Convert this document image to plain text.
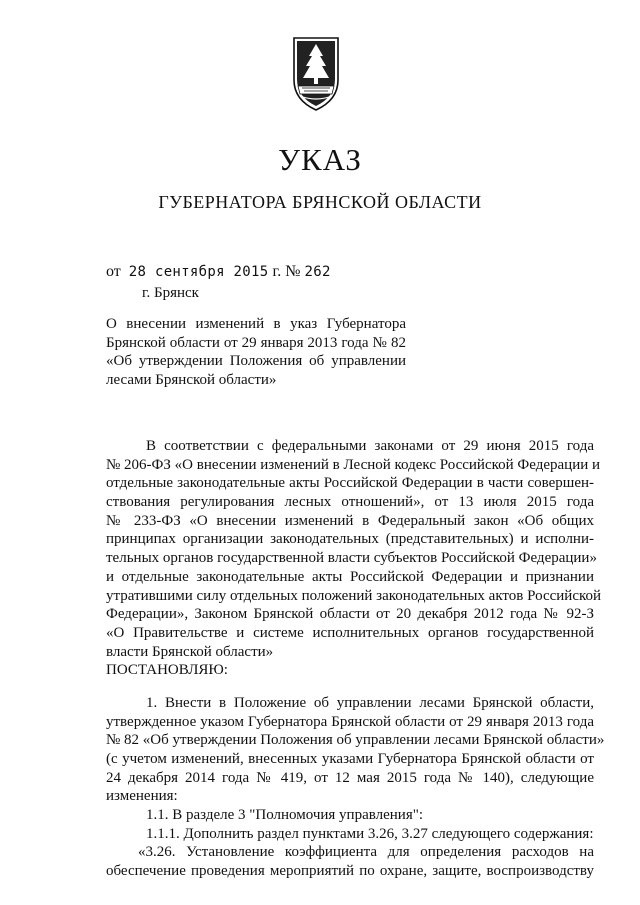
УКАЗ
ГУБЕРНАТОРА БРЯНСКОЙ ОБЛАСТИ
от 28 сентября 2015 г. № 262
г. Брянск
О внесении изменений в указ Губернатора
Брянской области от 29 января 2013 года № 82
«Об утверждении Положения об управлении
лесами Брянской области»
В соответствии с федеральными законами от 29 июня 2015 года
№ 206-ФЗ «О внесении изменений в Лесной кодекс Российской Федерации и
отдельные законодательные акты Российской Федерации в части совершен-
ствования регулирования лесных отношений», от 13 июля 2015 года
№ 233-ФЗ «О внесении изменений в Федеральный закон «Об общих
принципах организации законодательных (представительных) и исполни-
тельных органов государственной власти субъектов Российской Федерации»
и отдельные законодательные акты Российской Федерации и признании
утратившими силу отдельных положений законодательных актов Российской
Федерации», Законом Брянской области от 20 декабря 2012 года № 92-З
«О Правительстве и системе исполнительных органов государственной
власти Брянской области»
ПОСТАНОВЛЯЮ:
1. Внести в Положение об управлении лесами Брянской области,
утвержденное указом Губернатора Брянской области от 29 января 2013 года
№ 82 «Об утверждении Положения об управлении лесами Брянской области»
(с учетом изменений, внесенных указами Губернатора Брянской области от
24 декабря 2014 года № 419, от 12 мая 2015 года № 140), следующие
изменения:
1.1. В разделе 3 "Полномочия управления":
1.1.1. Дополнить раздел пунктами 3.26, 3.27 следующего содержания:
«3.26. Установление коэффициента для определения расходов на
обеспечение проведения мероприятий по охране, защите, воспроизводству
